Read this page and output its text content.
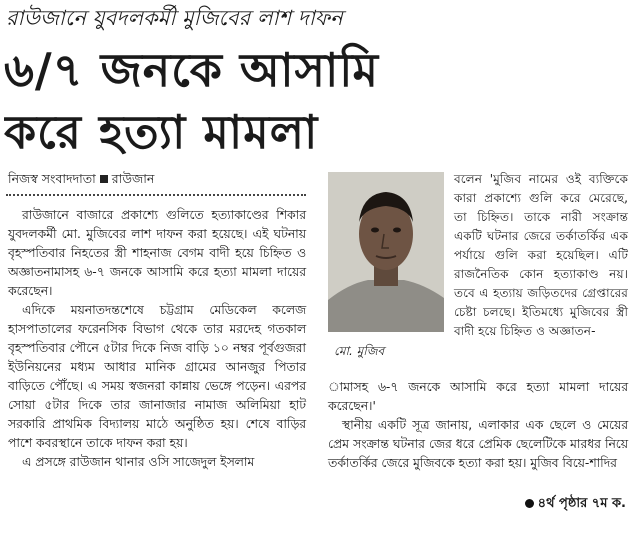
রাউজানে যুবদলকর্মী মুজিবের লাশ দাফন
৬/৭ জনকে আসামি
করে হত্যা মামলা
নিজস্ব সংবাদদাতা রাউজান

রাউজানে বাজারে প্রকাশ্যে গুলিতে হত্যাকাণ্ডের শিকার যুবদলকর্মী মো. মুজিবের লাশ দাফন করা হয়েছে। এই ঘটনায় বৃহস্পতিবার নিহতের স্ত্রী শাহনাজ বেগম বাদী হয়ে চিহ্নিত ও অজ্ঞাতনামাসহ ৬-৭ জনকে আসামি করে হত্যা মামলা দায়ের করেছেন।

এদিকে ময়নাতদন্তশেষে চট্টগ্রাম মেডিকেল কলেজ হাসপাতালের ফরেনসিক বিভাগ থেকে তার মরদেহ গতকাল বৃহস্পতিবার পৌনে ৫টার দিকে নিজ বাড়ি ১০ নম্বর পূর্বগুজরা ইউনিয়নের মধ্যম আধার মানিক গ্রামের আনজুর পিতার বাড়িতে পৌঁছে। এ সময় স্বজনরা কান্নায় ভেঙ্গে পড়েন। এরপর সোয়া ৫টার দিকে তার জানাজার নামাজ অলিমিয়া হাট সরকারি প্রাথমিক বিদ্যালয় মাঠে অনুষ্ঠিত হয়। শেষে বাড়ির পাশে কবরস্থানে তাকে দাফন করা হয়।

এ প্রসঙ্গে রাউজান থানার ওসি সাজেদুল ইসলাম

মো. মুজিব

বলেন 'মুজিব নামের ওই ব্যক্তিকে কারা প্রকাশ্যে গুলি করে মেরেছে, তা চিহ্নিত। তাকে নারী সংক্রান্ত একটি ঘটনার জেরে তর্কাতর্কির এক পর্যায়ে গুলি করা হয়েছিল। এটি রাজনৈতিক কোন হত্যাকাণ্ড নয়। তবে এ হত্যায় জড়িতদের গ্রেপ্তারের চেষ্টা চলছে। ইতিমধ্যে মুজিবের স্ত্রী বাদী হয়ে চিহ্নিত ও অজ্ঞাতন-

ামাসহ ৬-৭ জনকে আসামি করে হত্যা মামলা দায়ের করেছেন।'

স্থানীয় একটি সূত্র জানায়, এলাকার এক ছেলে ও মেয়ের প্রেম সংক্রান্ত ঘটনার জের ধরে প্রেমিক ছেলেটিকে মারধর নিয়ে তর্কাতর্কির জেরে মুজিবকে হত্যা করা হয়। মুজিব বিয়ে-শাদির

৪র্থ পৃষ্ঠার ৭ম ক.
